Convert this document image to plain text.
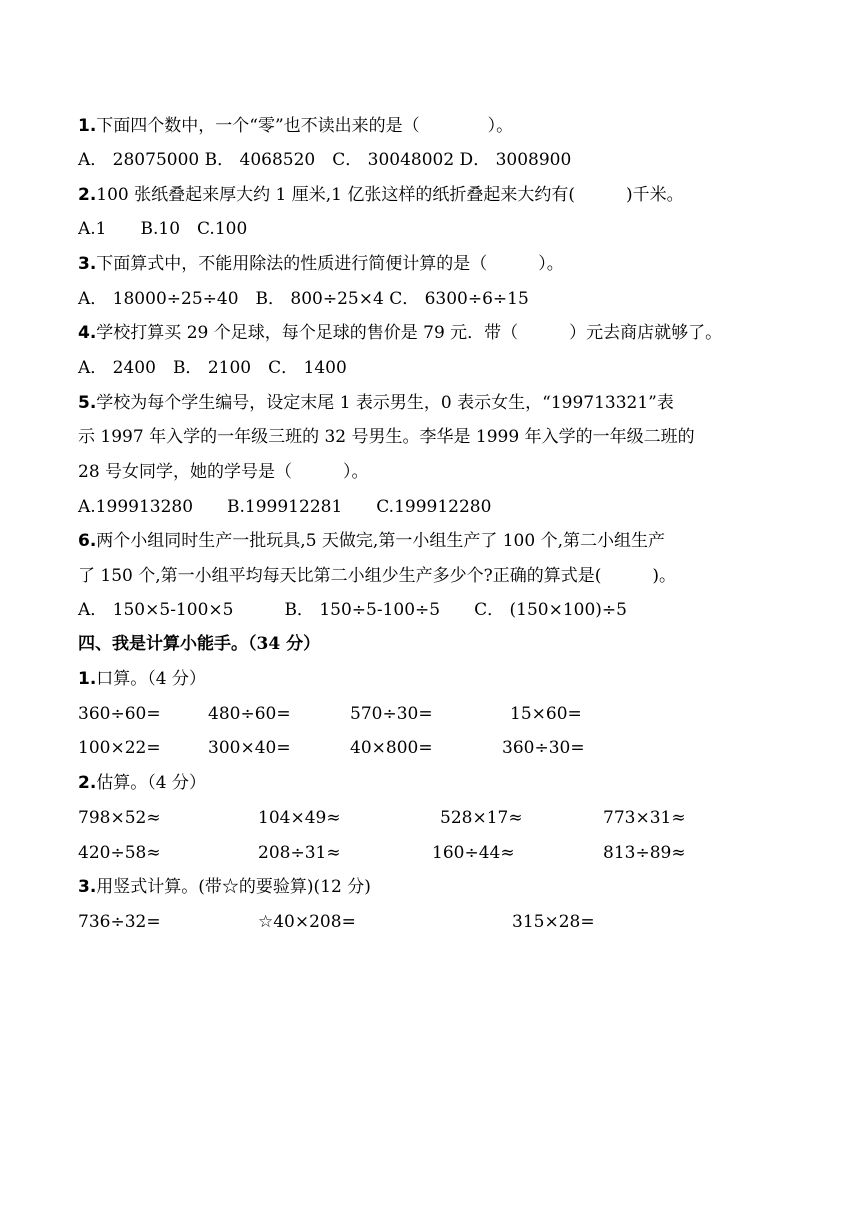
1.下面四个数中，一个“零”也不读出来的是（　　　　）。
A． 28075000 B． 4068520　C． 30048002 D． 3008900
2.100 张纸叠起来厚大约 1 厘米,1 亿张这样的纸折叠起来大约有(　　　)千米。
A.1　　B.10　C.100
3.下面算式中，不能用除法的性质进行简便计算的是（　　　）。
A． 18000÷25÷40　B． 800÷25×4 C． 6300÷6÷15
4.学校打算买 29 个足球，每个足球的售价是 79 元．带（　　　）元去商店就够了。
A． 2400　B． 2100　C． 1400
5.学校为每个学生编号，设定末尾 1 表示男生，0 表示女生，“199713321”表
示 1997 年入学的一年级三班的 32 号男生。李华是 1999 年入学的一年级二班的
28 号女同学，她的学号是（　　　）。
A.199913280　　B.199912281　　C.199912280
6.两个小组同时生产一批玩具,5 天做完,第一小组生产了 100 个,第二小组生产
了 150 个,第一小组平均每天比第二小组少生产多少个?正确的算式是(　　　)。
A． 150×5-100×5　　　B． 150÷5-100÷5　　C． (150×100)÷5
四、我是计算小能手。（34 分）
1.口算。（4 分）
360÷60=	480÷60=	570÷30=	15×60=
100×22=	300×40=	40×800=	360÷30=
2.估算。（4 分）
798×52≈	104×49≈	528×17≈	773×31≈
420÷58≈	208÷31≈	160÷44≈	813÷89≈
3.用竖式计算。(带☆的要验算)(12 分)
736÷32=	☆40×208=	315×28=
